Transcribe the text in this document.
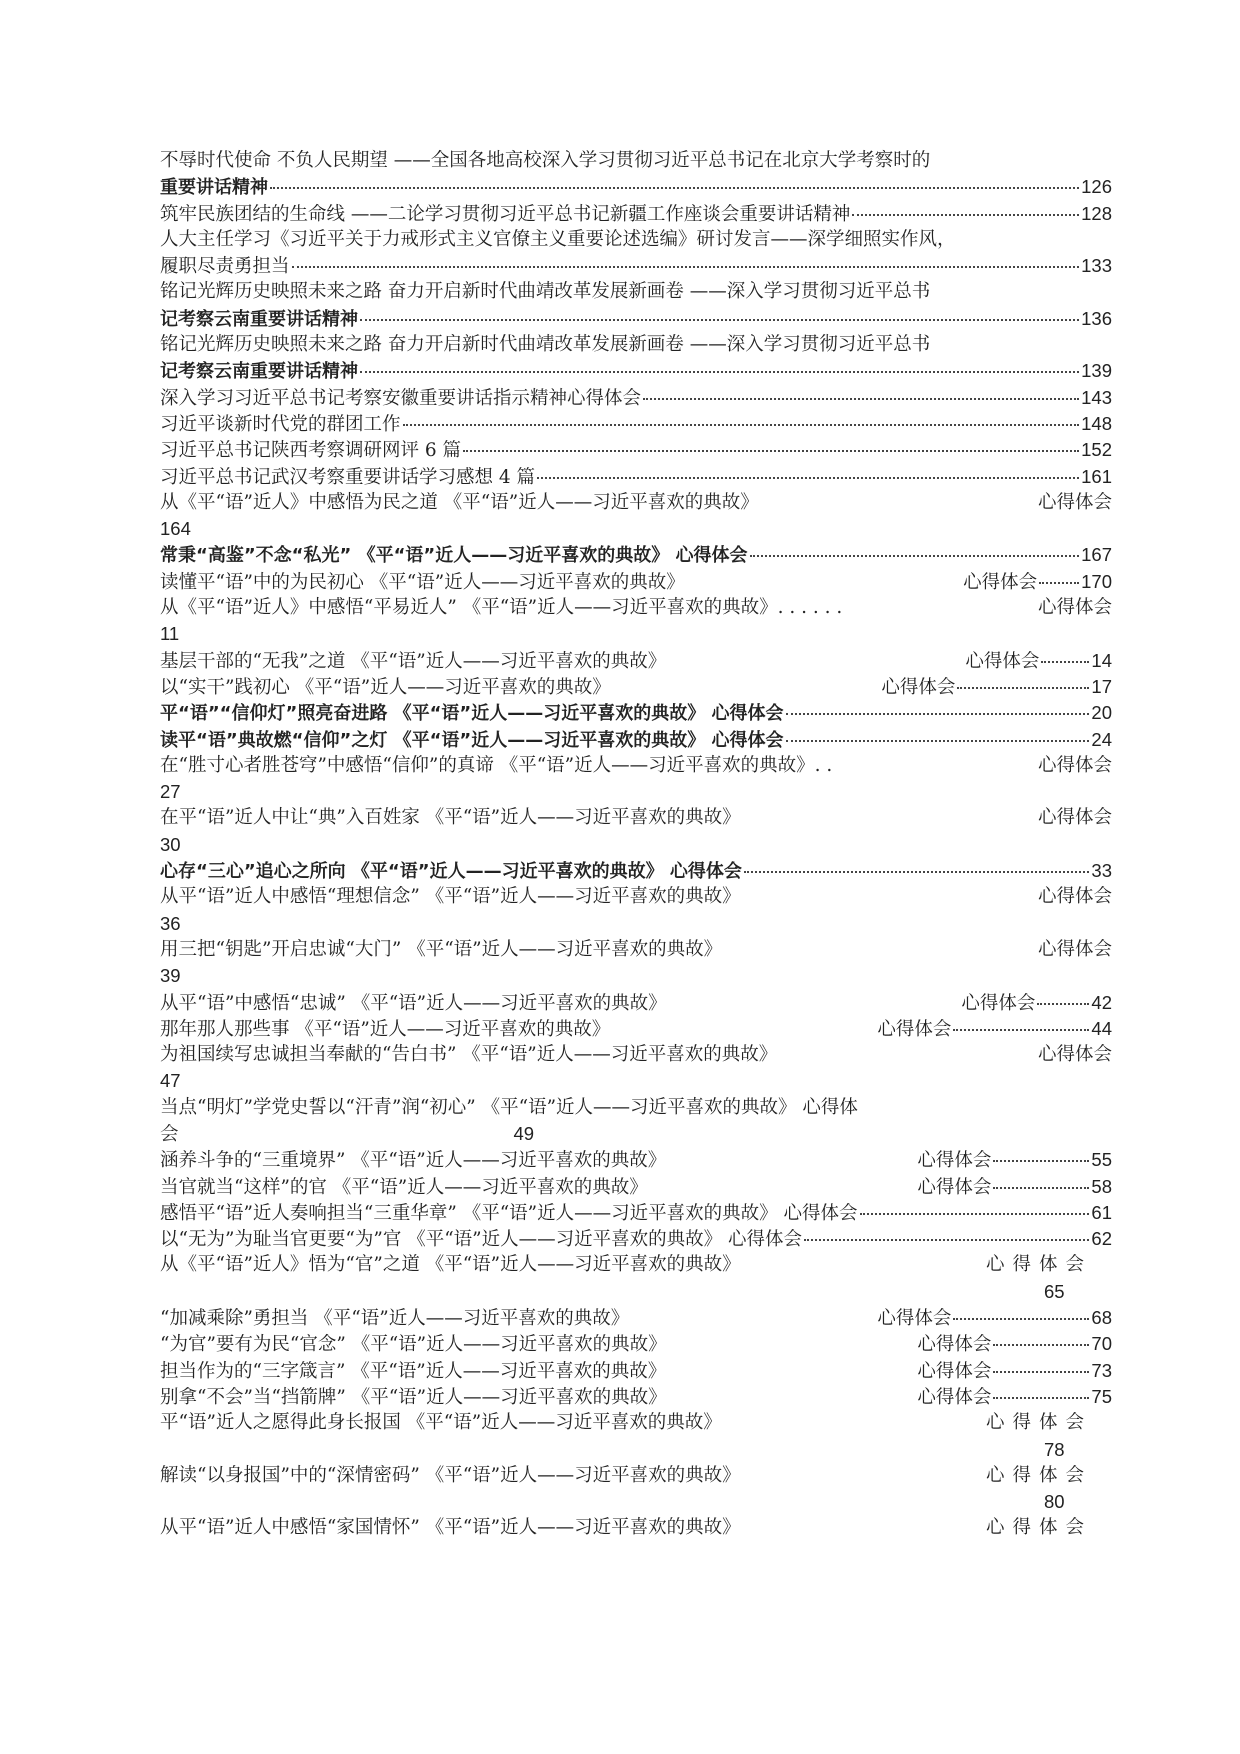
不辱时代使命 不负人民期望 ——全国各地高校深入学习贯彻习近平总书记在北京大学考察时的
重要讲话精神	126
筑牢民族团结的生命线 ——二论学习贯彻习近平总书记新疆工作座谈会重要讲话精神	128
人大主任学习《习近平关于力戒形式主义官僚主义重要论述选编》研讨发言——深学细照实作风，
履职尽责勇担当	133
铭记光辉历史映照未来之路 奋力开启新时代曲靖改革发展新画卷 ——深入学习贯彻习近平总书
记考察云南重要讲话精神	136
铭记光辉历史映照未来之路 奋力开启新时代曲靖改革发展新画卷 ——深入学习贯彻习近平总书
记考察云南重要讲话精神	139
深入学习习近平总书记考察安徽重要讲话指示精神心得体会	143
习近平谈新时代党的群团工作	148
习近平总书记陕西考察调研网评 6 篇	152
习近平总书记武汉考察重要讲话学习感想 4 篇	161
从《平“语”近人》中感悟为民之道 《平“语”近人——习近平喜欢的典故》	心得体会
164
常秉“高鉴”不念“私光” 《平“语”近人——习近平喜欢的典故》 心得体会	167
读懂平“语”中的为民初心 《平“语”近人——习近平喜欢的典故》	心得体会 170
从《平“语”近人》中感悟“平易近人” 《平“语”近人——习近平喜欢的典故》. . . . . .	心得体会
11
基层干部的“无我”之道 《平“语”近人——习近平喜欢的典故》	心得体会	14
以“实干”践初心 《平“语”近人——习近平喜欢的典故》	心得体会	17
平“语”“信仰灯”照亮奋进路 《平“语”近人——习近平喜欢的典故》 心得体会	20
读平“语”典故燃“信仰”之灯 《平“语”近人——习近平喜欢的典故》 心得体会	24
在“胜寸心者胜苍穹”中感悟“信仰”的真谛 《平“语”近人——习近平喜欢的典故》. .	心得体会
27
在平“语”近人中让“典”入百姓家 《平“语”近人——习近平喜欢的典故》	心得体会
30
心存“三心”追心之所向 《平“语”近人——习近平喜欢的典故》 心得体会	33
从平“语”近人中感悟“理想信念” 《平“语”近人——习近平喜欢的典故》	心得体会
36
用三把“钥匙”开启忠诚“大门” 《平“语”近人——习近平喜欢的典故》	心得体会
39
从平“语”中感悟“忠诚” 《平“语”近人——习近平喜欢的典故》	心得体会	42
那年那人那些事 《平“语”近人——习近平喜欢的典故》	心得体会	44
为祖国续写忠诚担当奉献的“告白书” 《平“语”近人——习近平喜欢的典故》	心得体会
47
当点“明灯”学党史誓以“汗青”润“初心” 《平“语”近人——习近平喜欢的典故》 心得体
会	49
涵养斗争的“三重境界” 《平“语”近人——习近平喜欢的典故》	心得体会	55
当官就当“这样”的官 《平“语”近人——习近平喜欢的典故》	心得体会	58
感悟平“语”近人奏响担当“三重华章” 《平“语”近人——习近平喜欢的典故》 心得体会	61
以“无为”为耻当官更要“为”官 《平“语”近人——习近平喜欢的典故》 心得体会	62
从《平“语”近人》悟为“官”之道 《平“语”近人——习近平喜欢的典故》	心得体会
65
“加减乘除”勇担当 《平“语”近人——习近平喜欢的典故》	心得体会	68
“为官”要有为民“官念” 《平“语”近人——习近平喜欢的典故》	心得体会	70
担当作为的“三字箴言” 《平“语”近人——习近平喜欢的典故》	心得体会	73
别拿“不会”当“挡箭牌” 《平“语”近人——习近平喜欢的典故》	心得体会	75
平“语”近人之愿得此身长报国 《平“语”近人——习近平喜欢的典故》	心得体会
78
解读“以身报国”中的“深情密码” 《平“语”近人——习近平喜欢的典故》	心得体会
80
从平“语”近人中感悟“家国情怀” 《平“语”近人——习近平喜欢的典故》	心得体会
